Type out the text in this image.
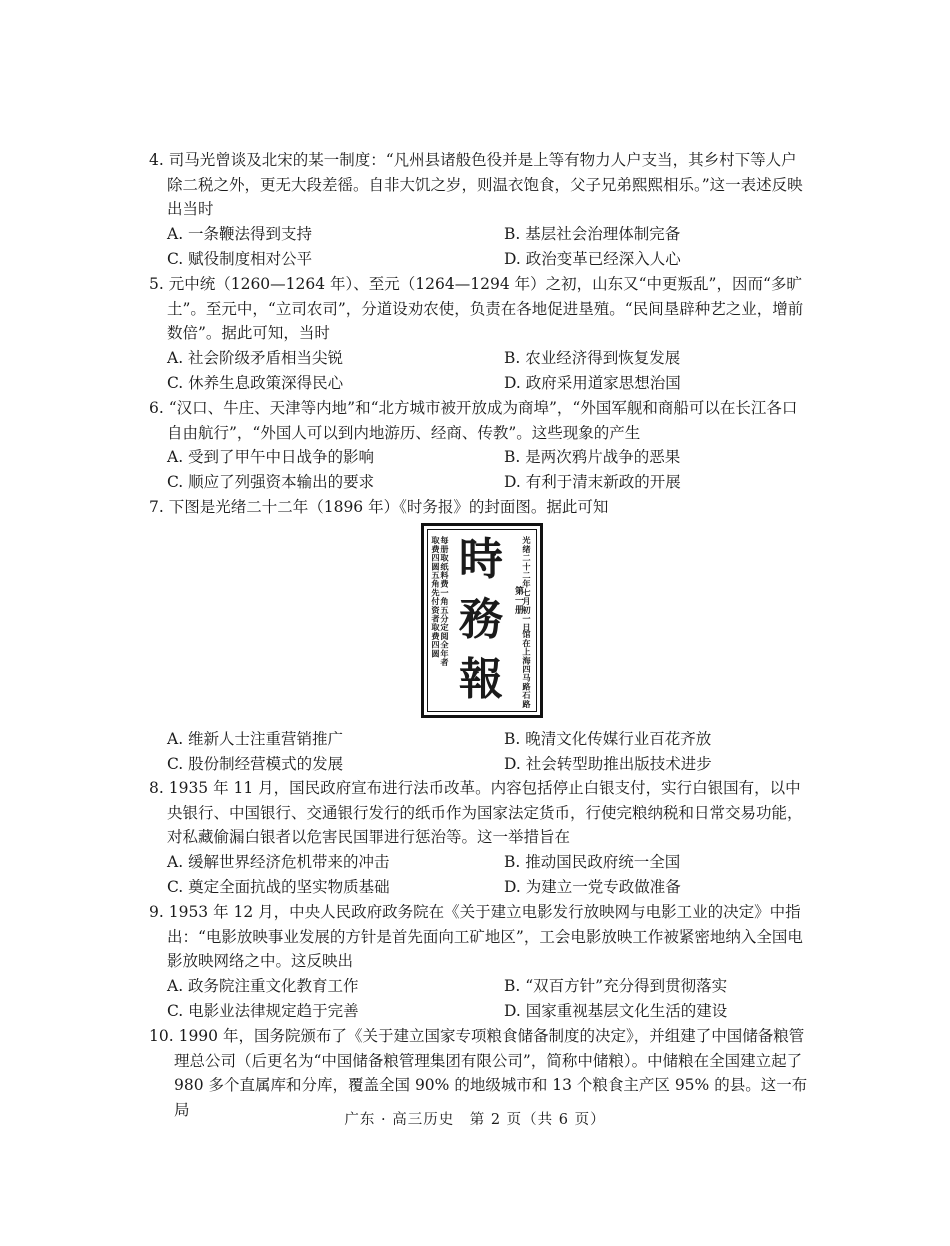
4. 司马光曾谈及北宋的某一制度：“凡州县诸般色役并是上等有物力人户支当，其乡村下等人户除二税之外，更无大段差徭。自非大饥之岁，则温衣饱食，父子兄弟熙熙相乐。”这一表述反映出当时
A. 一条鞭法得到支持	B. 基层社会治理体制完备
C. 赋役制度相对公平	D. 政治变革已经深入人心
5. 元中统（1260—1264 年）、至元（1264—1294 年）之初，山东又“中更叛乱”，因而“多旷土”。至元中，“立司农司”，分道设劝农使，负责在各地促进垦殖。“民间垦辟种艺之业，增前数倍”。据此可知，当时
A. 社会阶级矛盾相当尖锐	B. 农业经济得到恢复发展
C. 休养生息政策深得民心	D. 政府采用道家思想治国
6. “汉口、牛庄、天津等内地”和“北方城市被开放成为商埠”，“外国军舰和商船可以在长江各口自由航行”，“外国人可以到内地游历、经商、传教”。这些现象的产生
A. 受到了甲午中日战争的影响	B. 是两次鸦片战争的恶果
C. 顺应了列强资本输出的要求	D. 有利于清末新政的开展
7. 下图是光绪二十二年（1896 年）《时务报》的封面图。据此可知
光绪二十二年七月初一日
第一册
馆在上海四马路石路
每册取纸料费一角五分定阅全年者
取费四圆五角先付资者取费四圆 時
務
報
A. 维新人士注重营销推广	B. 晚清文化传媒行业百花齐放
C. 股份制经营模式的发展	D. 社会转型助推出版技术进步
8. 1935 年 11 月，国民政府宣布进行法币改革。内容包括停止白银支付，实行白银国有，以中央银行、中国银行、交通银行发行的纸币作为国家法定货币，行使完粮纳税和日常交易功能，对私藏偷漏白银者以危害民国罪进行惩治等。这一举措旨在
A. 缓解世界经济危机带来的冲击	B. 推动国民政府统一全国
C. 奠定全面抗战的坚实物质基础	D. 为建立一党专政做准备
9. 1953 年 12 月，中央人民政府政务院在《关于建立电影发行放映网与电影工业的决定》中指出：“电影放映事业发展的方针是首先面向工矿地区”，工会电影放映工作被紧密地纳入全国电影放映网络之中。这反映出
A. 政务院注重文化教育工作	B. “双百方针”充分得到贯彻落实
C. 电影业法律规定趋于完善	D. 国家重视基层文化生活的建设
10. 1990 年，国务院颁布了《关于建立国家专项粮食储备制度的决定》，并组建了中国储备粮管理总公司（后更名为“中国储备粮管理集团有限公司”，简称中储粮）。中储粮在全国建立起了 980 多个直属库和分库，覆盖全国 90% 的地级城市和 13 个粮食主产区 95% 的县。这一布局
广东 · 高三历史　第 2 页（共 6 页）
